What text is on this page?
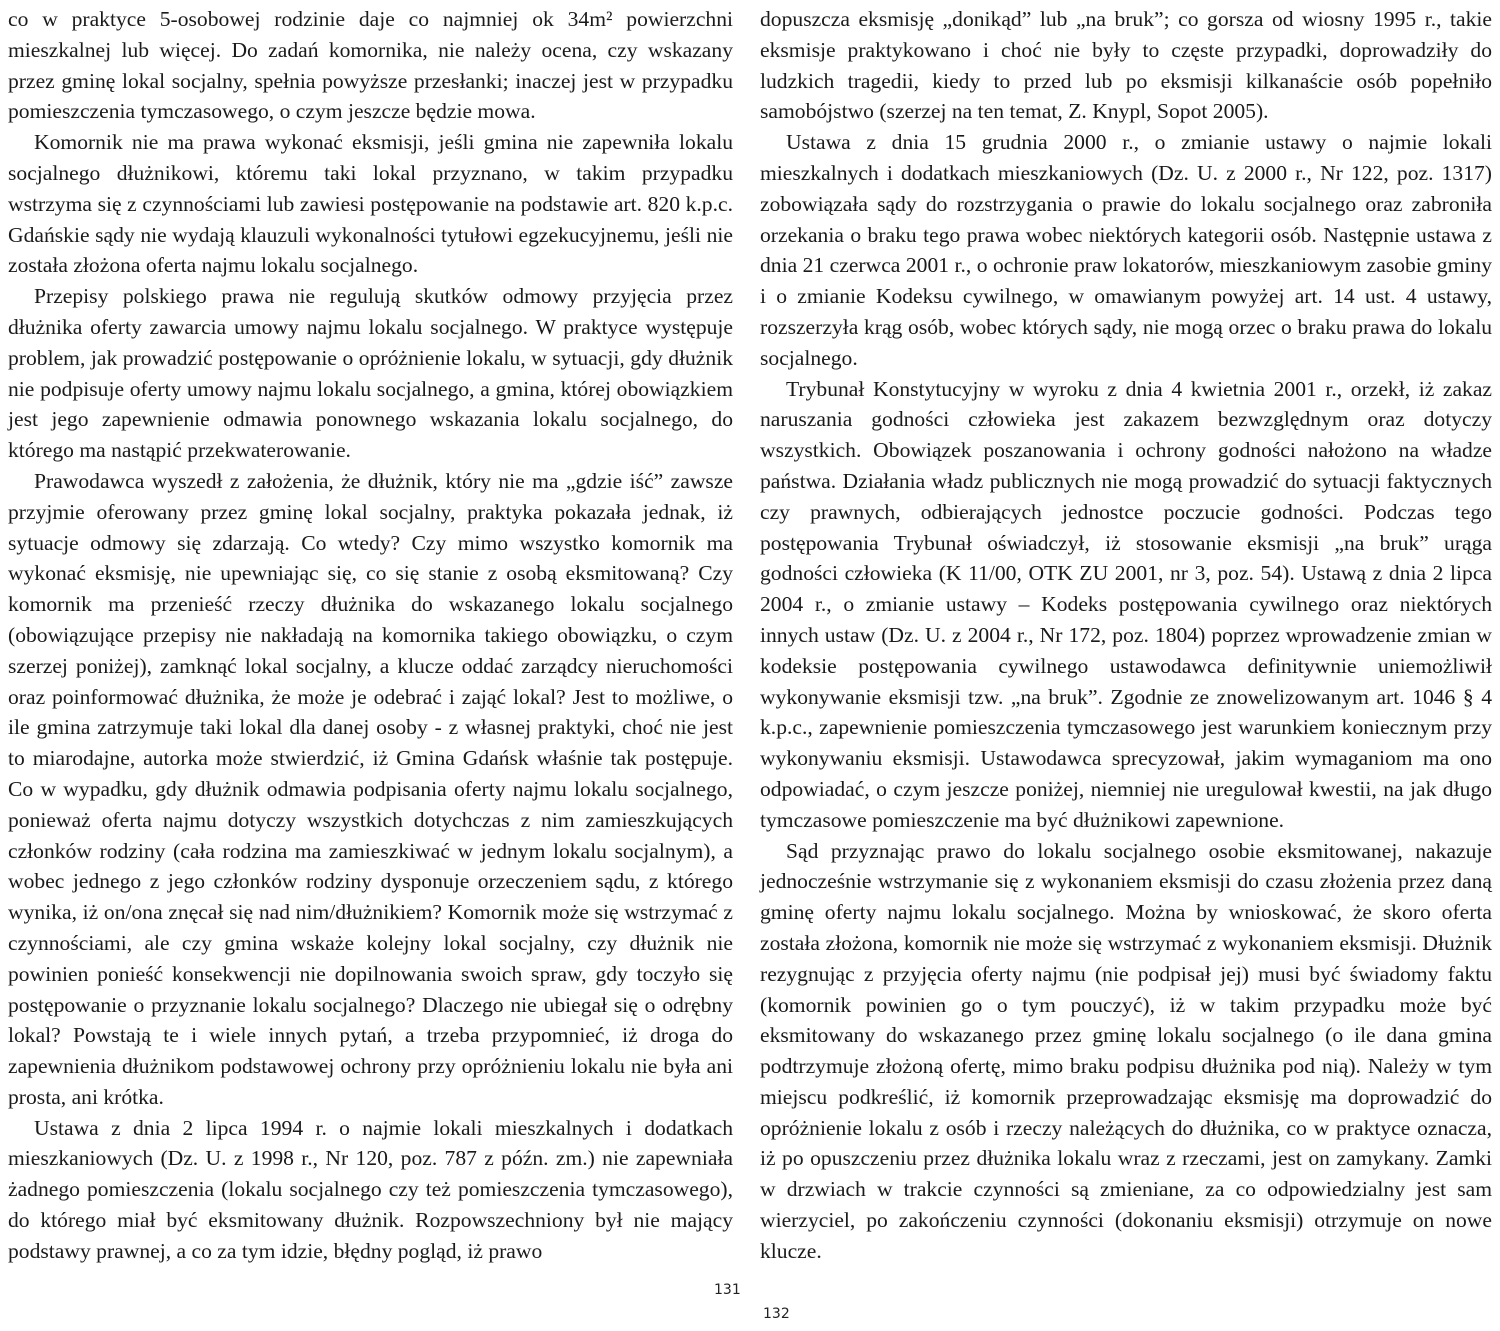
co w praktyce 5-osobowej rodzinie daje co najmniej ok 34m² powierzchni mieszkalnej lub więcej. Do zadań komornika, nie należy ocena, czy wskazany przez gminę lokal socjalny, spełnia powyższe przesłanki; inaczej jest w przypadku pomieszczenia tymczasowego, o czym jeszcze będzie mowa.

Komornik nie ma prawa wykonać eksmisji, jeśli gmina nie zapewniła lokalu socjalnego dłużnikowi, któremu taki lokal przyznano, w takim przypadku wstrzyma się z czynnościami lub zawiesi postępowanie na podstawie art. 820 k.p.c. Gdańskie sądy nie wydają klauzuli wykonalności tytułowi egzekucyjnemu, jeśli nie została złożona oferta najmu lokalu socjalnego.

Przepisy polskiego prawa nie regulują skutków odmowy przyjęcia przez dłużnika oferty zawarcia umowy najmu lokalu socjalnego. W praktyce występuje problem, jak prowadzić postępowanie o opróżnienie lokalu, w sytuacji, gdy dłużnik nie podpisuje oferty umowy najmu lokalu socjalnego, a gmina, której obowiązkiem jest jego zapewnienie odmawia ponownego wskazania lokalu socjalnego, do którego ma nastąpić przekwaterowanie.

Prawodawca wyszedł z założenia, że dłużnik, który nie ma „gdzie iść” zawsze przyjmie oferowany przez gminę lokal socjalny, praktyka pokazała jednak, iż sytuacje odmowy się zdarzają. Co wtedy? Czy mimo wszystko komornik ma wykonać eksmisję, nie upewniając się, co się stanie z osobą eksmitowaną? Czy komornik ma przenieść rzeczy dłużnika do wskazanego lokalu socjalnego (obowiązujące przepisy nie nakładają na komornika takiego obowiązku, o czym szerzej poniżej), zamknąć lokal socjalny, a klucze oddać zarządcy nieruchomości oraz poinformować dłużnika, że może je odebrać i zająć lokal? Jest to możliwe, o ile gmina zatrzymuje taki lokal dla danej osoby - z własnej praktyki, choć nie jest to miarodajne, autorka może stwierdzić, iż Gmina Gdańsk właśnie tak postępuje. Co w wypadku, gdy dłużnik odmawia podpisania oferty najmu lokalu socjalnego, ponieważ oferta najmu dotyczy wszystkich dotychczas z nim zamieszkujących członków rodziny (cała rodzina ma zamieszkiwać w jednym lokalu socjalnym), a wobec jednego z jego członków rodziny dysponuje orzeczeniem sądu, z którego wynika, iż on/ona znęcał się nad nim/dłużnikiem? Komornik może się wstrzymać z czynnościami, ale czy gmina wskaże kolejny lokal socjalny, czy dłużnik nie powinien ponieść konsekwencji nie dopilnowania swoich spraw, gdy toczyło się postępowanie o przyznanie lokalu socjalnego? Dlaczego nie ubiegał się o odrębny lokal? Powstają te i wiele innych pytań, a trzeba przypomnieć, iż droga do zapewnienia dłużnikom podstawowej ochrony przy opróżnieniu lokalu nie była ani prosta, ani krótka.

Ustawa z dnia 2 lipca 1994 r. o najmie lokali mieszkalnych i dodatkach mieszkaniowych (Dz. U. z 1998 r., Nr 120, poz. 787 z późn. zm.) nie zapewniała żadnego pomieszczenia (lokalu socjalnego czy też pomieszczenia tymczasowego), do którego miał być eksmitowany dłużnik. Rozpowszechniony był nie mający podstawy prawnej, a co za tym idzie, błędny pogląd, iż prawo

dopuszcza eksmisję „donikąd” lub „na bruk”; co gorsza od wiosny 1995 r., takie eksmisje praktykowano i choć nie były to częste przypadki, doprowadziły do ludzkich tragedii, kiedy to przed lub po eksmisji kilkanaście osób popełniło samobójstwo (szerzej na ten temat, Z. Knypl, Sopot 2005).

Ustawa z dnia 15 grudnia 2000 r., o zmianie ustawy o najmie lokali mieszkalnych i dodatkach mieszkaniowych (Dz. U. z 2000 r., Nr 122, poz. 1317) zobowiązała sądy do rozstrzygania o prawie do lokalu socjalnego oraz zabroniła orzekania o braku tego prawa wobec niektórych kategorii osób. Następnie ustawa z dnia 21 czerwca 2001 r., o ochronie praw lokatorów, mieszkaniowym zasobie gminy i o zmianie Kodeksu cywilnego, w omawianym powyżej art. 14 ust. 4 ustawy, rozszerzyła krąg osób, wobec których sądy, nie mogą orzec o braku prawa do lokalu socjalnego.

Trybunał Konstytucyjny w wyroku z dnia 4 kwietnia 2001 r., orzekł, iż zakaz naruszania godności człowieka jest zakazem bezwzględnym oraz dotyczy wszystkich. Obowiązek poszanowania i ochrony godności nałożono na władze państwa. Działania władz publicznych nie mogą prowadzić do sytuacji faktycznych czy prawnych, odbierających jednostce poczucie godności. Podczas tego postępowania Trybunał oświadczył, iż stosowanie eksmisji „na bruk” urąga godności człowieka (K 11/00, OTK ZU 2001, nr 3, poz. 54). Ustawą z dnia 2 lipca 2004 r., o zmianie ustawy – Kodeks postępowania cywilnego oraz niektórych innych ustaw (Dz. U. z 2004 r., Nr 172, poz. 1804) poprzez wprowadzenie zmian w kodeksie postępowania cywilnego ustawodawca definitywnie uniemożliwił wykonywanie eksmisji tzw. „na bruk”. Zgodnie ze znowelizowanym art. 1046 § 4 k.p.c., zapewnienie pomieszczenia tymczasowego jest warunkiem koniecznym przy wykonywaniu eksmisji. Ustawodawca sprecyzował, jakim wymaganiom ma ono odpowiadać, o czym jeszcze poniżej, niemniej nie uregulował kwestii, na jak długo tymczasowe pomieszczenie ma być dłużnikowi zapewnione.

Sąd przyznając prawo do lokalu socjalnego osobie eksmitowanej, nakazuje jednocześnie wstrzymanie się z wykonaniem eksmisji do czasu złożenia przez daną gminę oferty najmu lokalu socjalnego. Można by wnioskować, że skoro oferta została złożona, komornik nie może się wstrzymać z wykonaniem eksmisji. Dłużnik rezygnując z przyjęcia oferty najmu (nie podpisał jej) musi być świadomy faktu (komornik powinien go o tym pouczyć), iż w takim przypadku może być eksmitowany do wskazanego przez gminę lokalu socjalnego (o ile dana gmina podtrzymuje złożoną ofertę, mimo braku podpisu dłużnika pod nią). Należy w tym miejscu podkreślić, iż komornik przeprowadzając eksmisję ma doprowadzić do opróżnienie lokalu z osób i rzeczy należących do dłużnika, co w praktyce oznacza, iż po opuszczeniu przez dłużnika lokalu wraz z rzeczami, jest on zamykany. Zamki w drzwiach w trakcie czynności są zmieniane, za co odpowiedzialny jest sam wierzyciel, po zakończeniu czynności (dokonaniu eksmisji) otrzymuje on nowe klucze.

131
132
